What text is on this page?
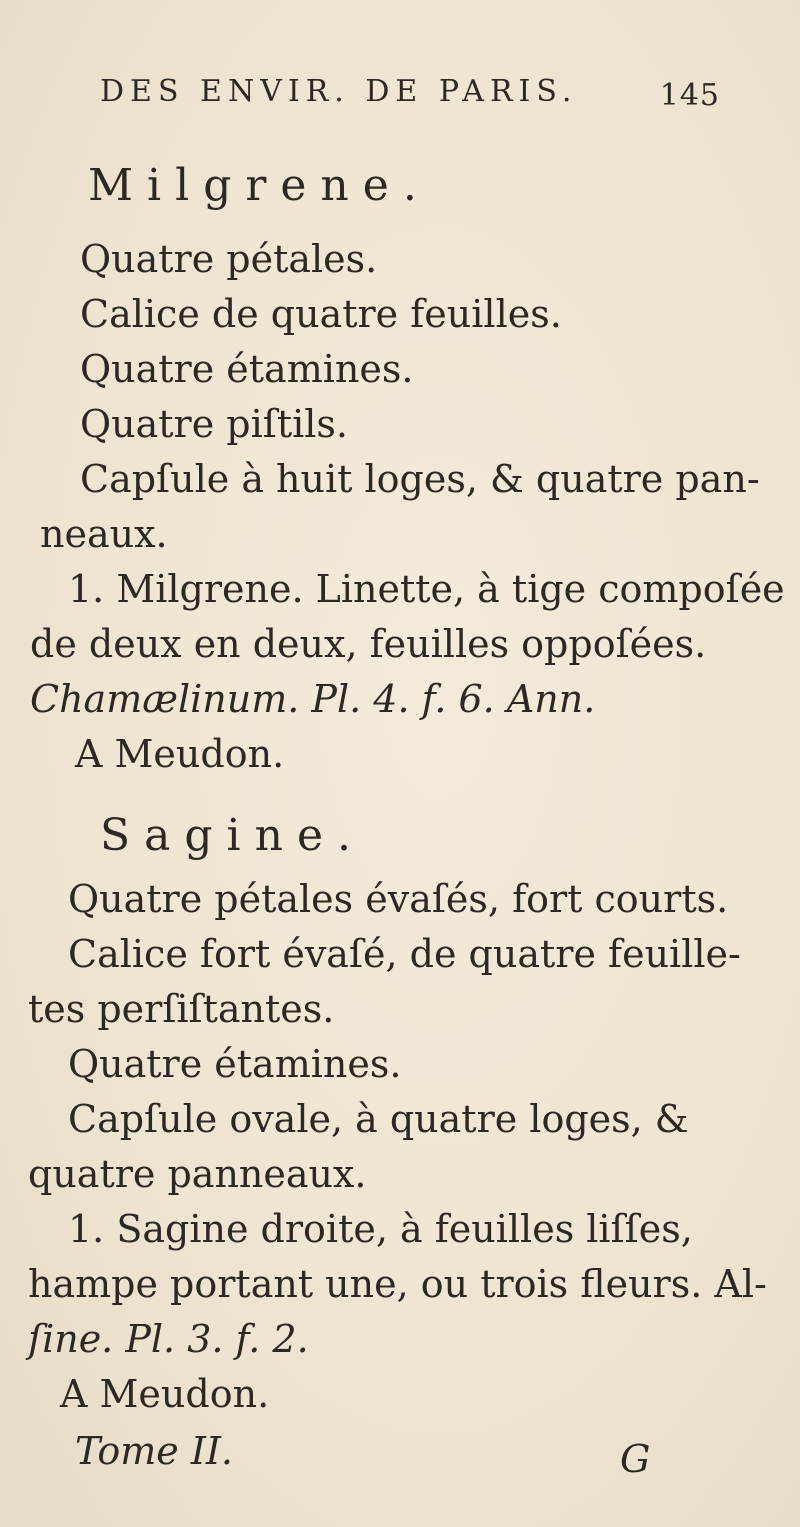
DES ENVIR. DE PARIS.	145
Milgrene.
Quatre pétales.
Calice de quatre feuilles.
Quatre étamines.
Quatre piſtils.
Capſule à huit loges, & quatre pan-
neaux.
1. Milgrene. Linette, à tige compoſée
de deux en deux, feuilles oppoſées.
Chamælinum. Pl. 4. f. 6. Ann.
A Meudon.
Sagine.
Quatre pétales évaſés, fort courts.
Calice fort évaſé, de quatre feuille-
tes perſiſtantes.
Quatre étamines.
Capſule ovale, à quatre loges, &
quatre panneaux.
1. Sagine droite, à feuilles liſſes,
hampe portant une, ou trois fleurs. Al-
ſine. Pl. 3. f. 2.
A Meudon.
Tome II.	G
